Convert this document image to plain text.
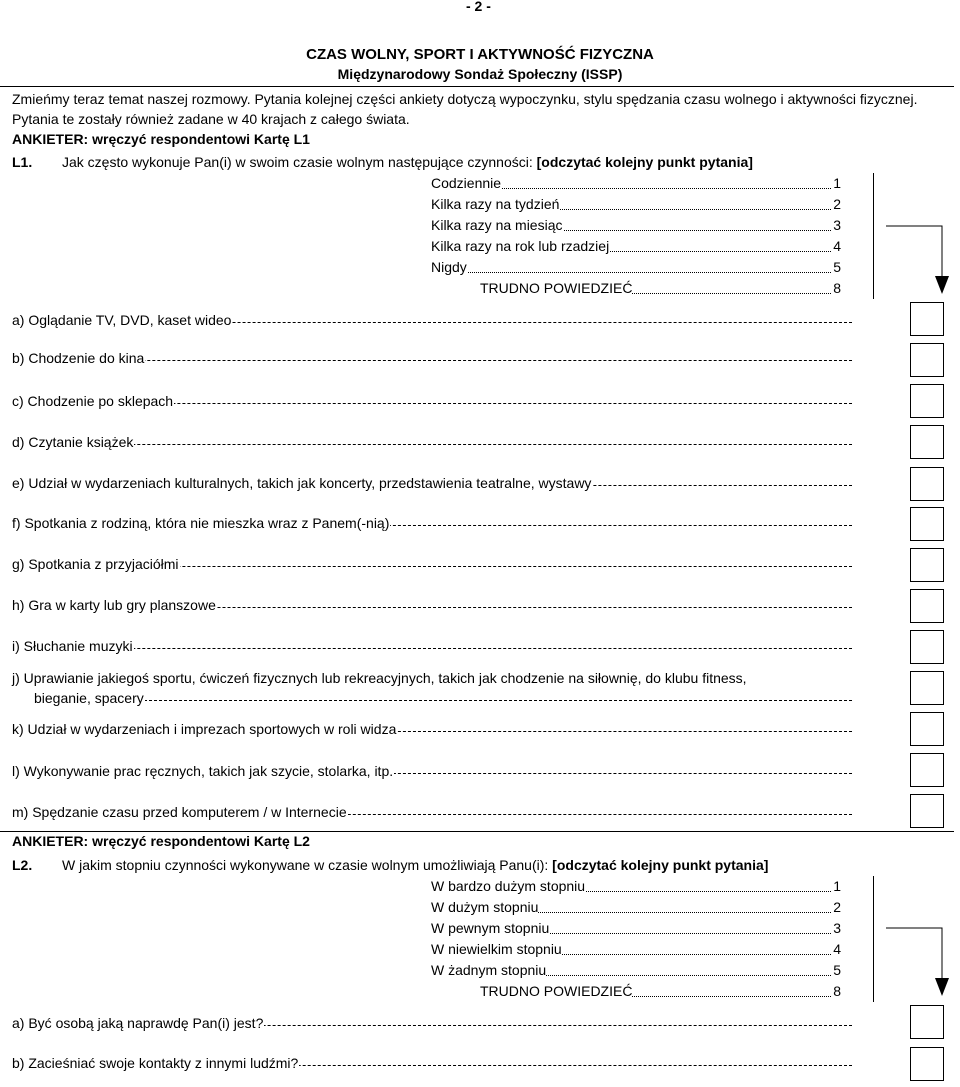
- 2 -
CZAS WOLNY, SPORT I AKTYWNOŚĆ FIZYCZNA
Międzynarodowy Sondaż Społeczny (ISSP)
Zmieńmy teraz temat naszej rozmowy. Pytania kolejnej części ankiety dotyczą wypoczynku, stylu spędzania czasu wolnego i aktywności fizycznej. Pytania te zostały również zadane w 40 krajach z całego świata.
ANKIETER: wręczyć respondentowi Kartę L1
L1. Jak często wykonuje Pan(i) w swoim czasie wolnym następujące czynności: [odczytać kolejny punkt pytania]
Codziennie	1
Kilka razy na tydzień	2
Kilka razy na miesiąc	3
Kilka razy na rok lub rzadziej	4
Nigdy	5
TRUDNO POWIEDZIEĆ	8
a) Oglądanie TV, DVD, kaset wideo
b) Chodzenie do kina
c) Chodzenie po sklepach
d) Czytanie książek
e) Udział w wydarzeniach kulturalnych, takich jak koncerty, przedstawienia teatralne, wystawy
f) Spotkania z rodziną, która nie mieszka wraz z Panem(-nią)
g) Spotkania z przyjaciółmi
h) Gra w karty lub gry planszowe
i) Słuchanie muzyki
j) Uprawianie jakiegoś sportu, ćwiczeń fizycznych lub rekreacyjnych, takich jak chodzenie na siłownię, do klubu fitness,
bieganie, spacery
k) Udział w wydarzeniach i imprezach sportowych w roli widza
l) Wykonywanie prac ręcznych, takich jak szycie, stolarka, itp.
m) Spędzanie czasu przed komputerem / w Internecie
ANKIETER: wręczyć respondentowi Kartę L2
L2. W jakim stopniu czynności wykonywane w czasie wolnym umożliwiają Panu(i): [odczytać kolejny punkt pytania]
W bardzo dużym stopniu	1
W dużym stopniu	2
W pewnym stopniu	3
W niewielkim stopniu	4
W żadnym stopniu	5
TRUDNO POWIEDZIEĆ	8
a) Być osobą jaką naprawdę Pan(i) jest?
b) Zacieśniać swoje kontakty z innymi ludźmi?
